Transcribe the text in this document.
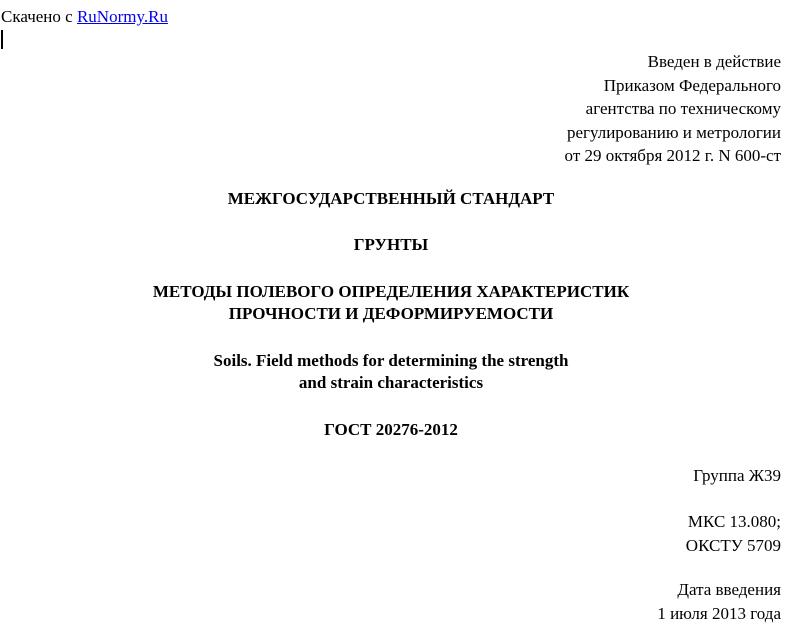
Скачено с RuNormy.Ru
Введен в действие
Приказом Федерального
агентства по техническому
регулированию и метрологии
от 29 октября 2012 г. N 600-ст
МЕЖГОСУДАРСТВЕННЫЙ СТАНДАРТ
ГРУНТЫ
МЕТОДЫ ПОЛЕВОГО ОПРЕДЕЛЕНИЯ ХАРАКТЕРИСТИК
ПРОЧНОСТИ И ДЕФОРМИРУЕМОСТИ
Soils. Field methods for determining the strength
and strain characteristics
ГОСТ 20276-2012
Группа Ж39
МКС 13.080;
ОКСТУ 5709
Дата введения
1 июля 2013 года
